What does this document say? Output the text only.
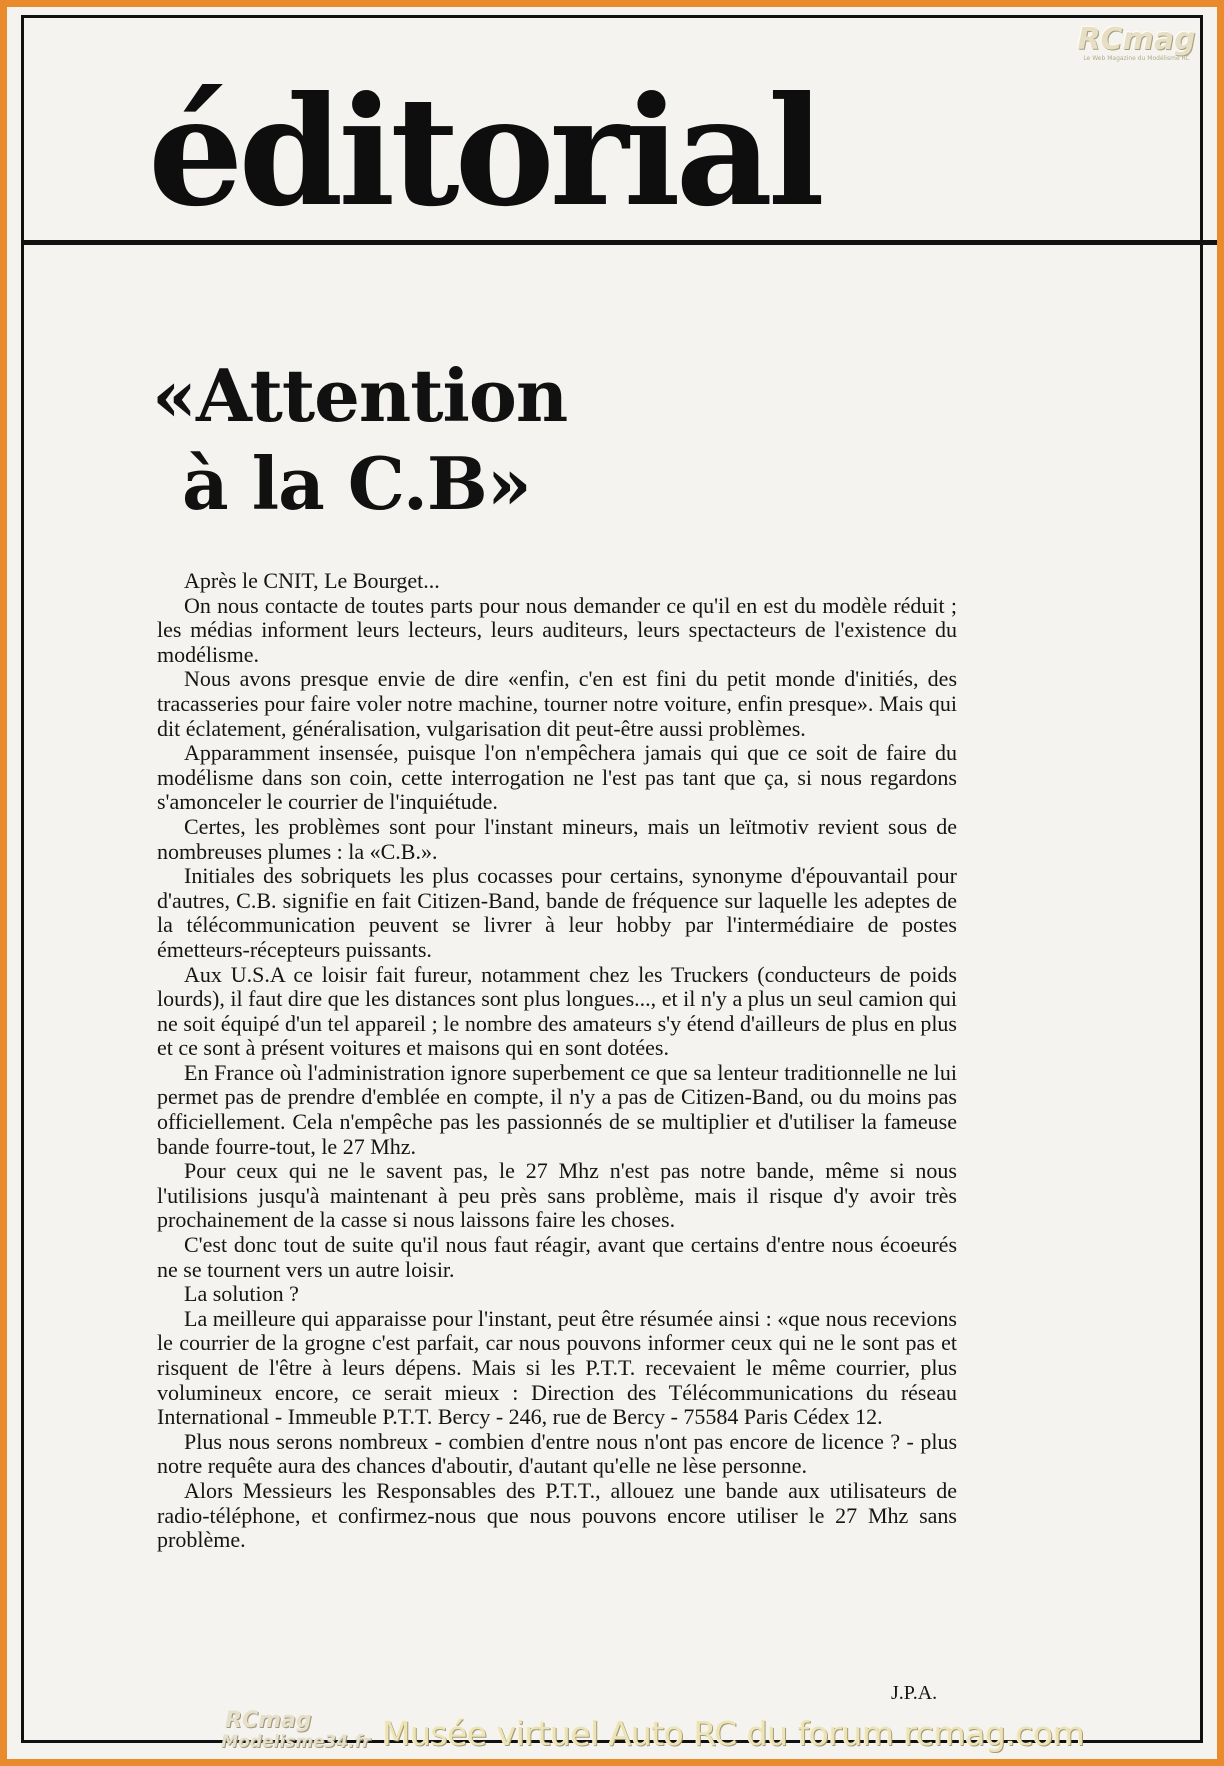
RCmag
Le Web Magazine du Modélisme RC
éditorial
«Attention
à la C.B»

Après le CNIT, Le Bourget...

On nous contacte de toutes parts pour nous demander ce qu'il en est du modèle réduit ; les médias informent leurs lecteurs, leurs auditeurs, leurs spectacteurs de l'existence du modélisme.

Nous avons presque envie de dire «enfin, c'en est fini du petit monde d'initiés, des tracasseries pour faire voler notre machine, tourner notre voiture, enfin presque». Mais qui dit éclatement, généralisation, vulgarisation dit peut-être aussi problèmes.

Apparamment insensée, puisque l'on n'empêchera jamais qui que ce soit de faire du modélisme dans son coin, cette interrogation ne l'est pas tant que ça, si nous regardons s'amonceler le courrier de l'inquiétude.

Certes, les problèmes sont pour l'instant mineurs, mais un leïtmotiv revient sous de nombreuses plumes : la «C.B.».

Initiales des sobriquets les plus cocasses pour certains, synonyme d'épouvantail pour d'autres, C.B. signifie en fait Citizen-Band, bande de fréquence sur laquelle les adeptes de la télécommunication peuvent se livrer à leur hobby par l'intermédiaire de postes émetteurs-récepteurs puissants.

Aux U.S.A ce loisir fait fureur, notamment chez les Truckers (conducteurs de poids lourds), il faut dire que les distances sont plus longues..., et il n'y a plus un seul camion qui ne soit équipé d'un tel appareil ; le nombre des amateurs s'y étend d'ailleurs de plus en plus et ce sont à présent voitures et maisons qui en sont dotées.

En France où l'administration ignore superbement ce que sa lenteur traditionnelle ne lui permet pas de prendre d'emblée en compte, il n'y a pas de Citizen-Band, ou du moins pas officiellement. Cela n'empêche pas les passionnés de se multiplier et d'utiliser la fameuse bande fourre-tout, le 27 Mhz.

Pour ceux qui ne le savent pas, le 27 Mhz n'est pas notre bande, même si nous l'utilisions jusqu'à maintenant à peu près sans problème, mais il risque d'y avoir très prochainement de la casse si nous laissons faire les choses.

C'est donc tout de suite qu'il nous faut réagir, avant que certains d'entre nous écoeurés ne se tournent vers un autre loisir.

La solution ?

La meilleure qui apparaisse pour l'instant, peut être résumée ainsi : «que nous recevions le courrier de la grogne c'est parfait, car nous pouvons informer ceux qui ne le sont pas et risquent de l'être à leurs dépens. Mais si les P.T.T. recevaient le même courrier, plus volumineux encore, ce serait mieux : Direction des Télécommunications du réseau International - Immeuble P.T.T. Bercy - 246, rue de Bercy - 75584 Paris Cédex 12.

Plus nous serons nombreux - combien d'entre nous n'ont pas encore de licence ? - plus notre requête aura des chances d'aboutir, d'autant qu'elle ne lèse personne.

Alors Messieurs les Responsables des P.T.T., allouez une bande aux utilisateurs de radio-téléphone, et confirmez-nous que nous pouvons encore utiliser le 27 Mhz sans problème.

J.P.A.
RCmag
Modelisme34.fr Musée virtuel Auto RC du forum rcmag.com
